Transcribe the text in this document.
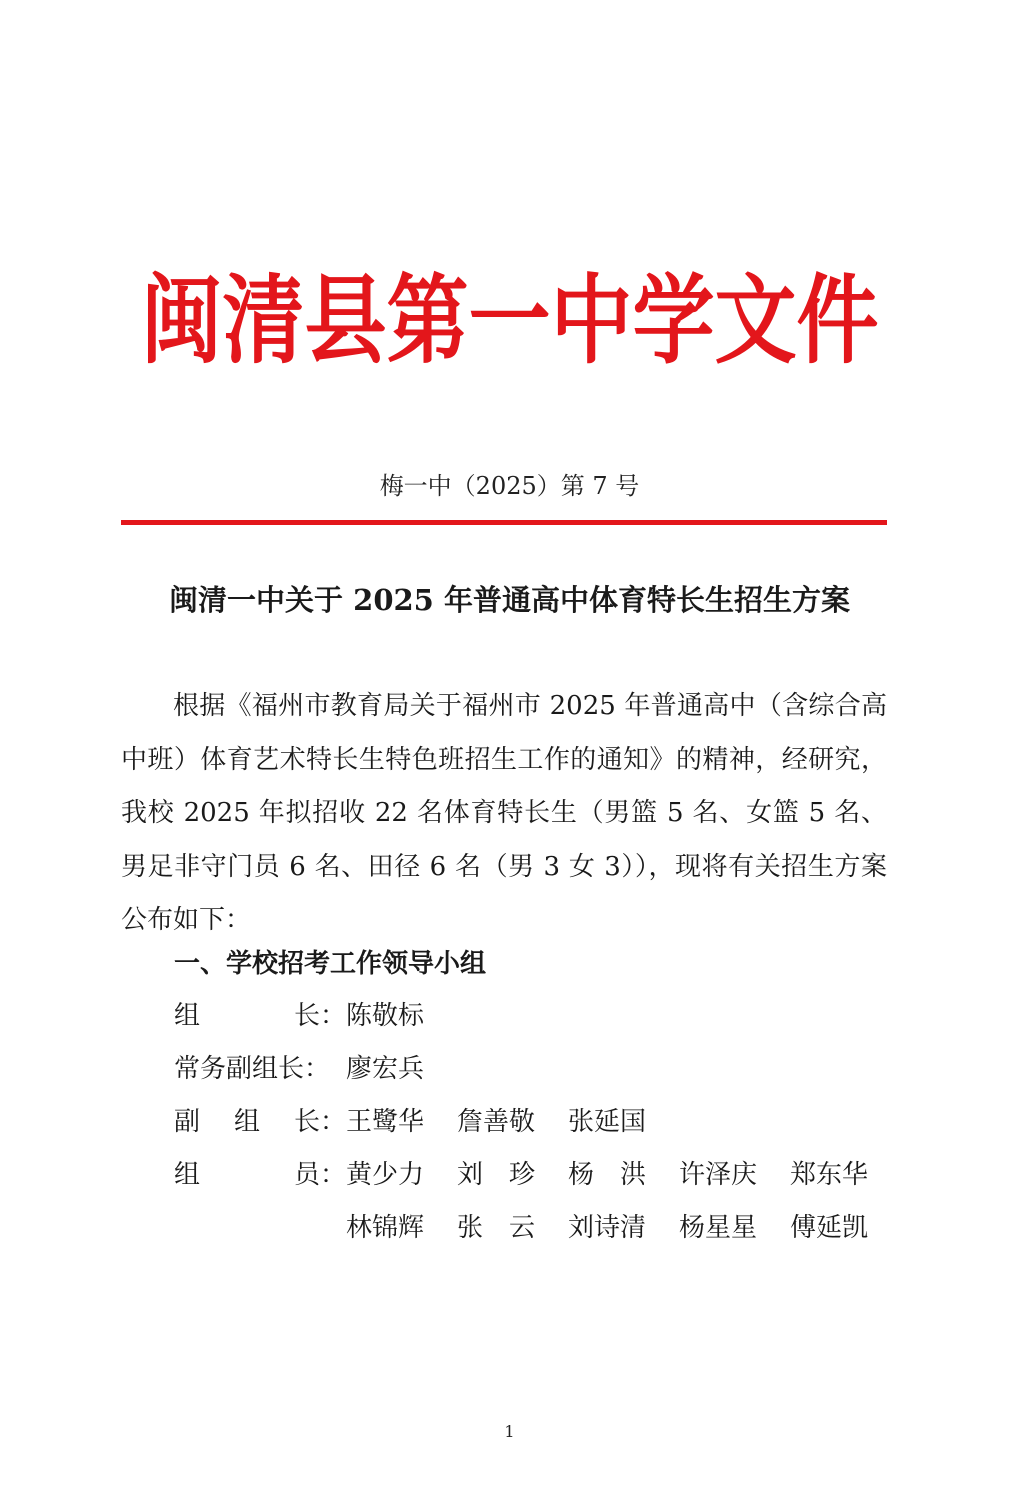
闽清县第一中学文件
梅一中（2025）第 7 号
闽清一中关于 2025 年普通高中体育特长生招生方案

根据《福州市教育局关于福州市 2025 年普通高中（含综合高中班）体育艺术特长生特色班招生工作的通知》的精神，经研究，我校 2025 年拟招收 22 名体育特长生（男篮 5 名、女篮 5 名、男足非守门员 6 名、田径 6 名（男 3 女 3）），现将有关招生方案公布如下：

一、学校招考工作领导小组

组	长： 陈敬标
常务副组长： 廖宏兵
副 组 长： 王鹭华	詹善敬	张延国
组	员： 黄少力	刘　珍	杨　洪	许泽庆	郑东华
林锦辉	张　云	刘诗清	杨星星	傅延凯
1
